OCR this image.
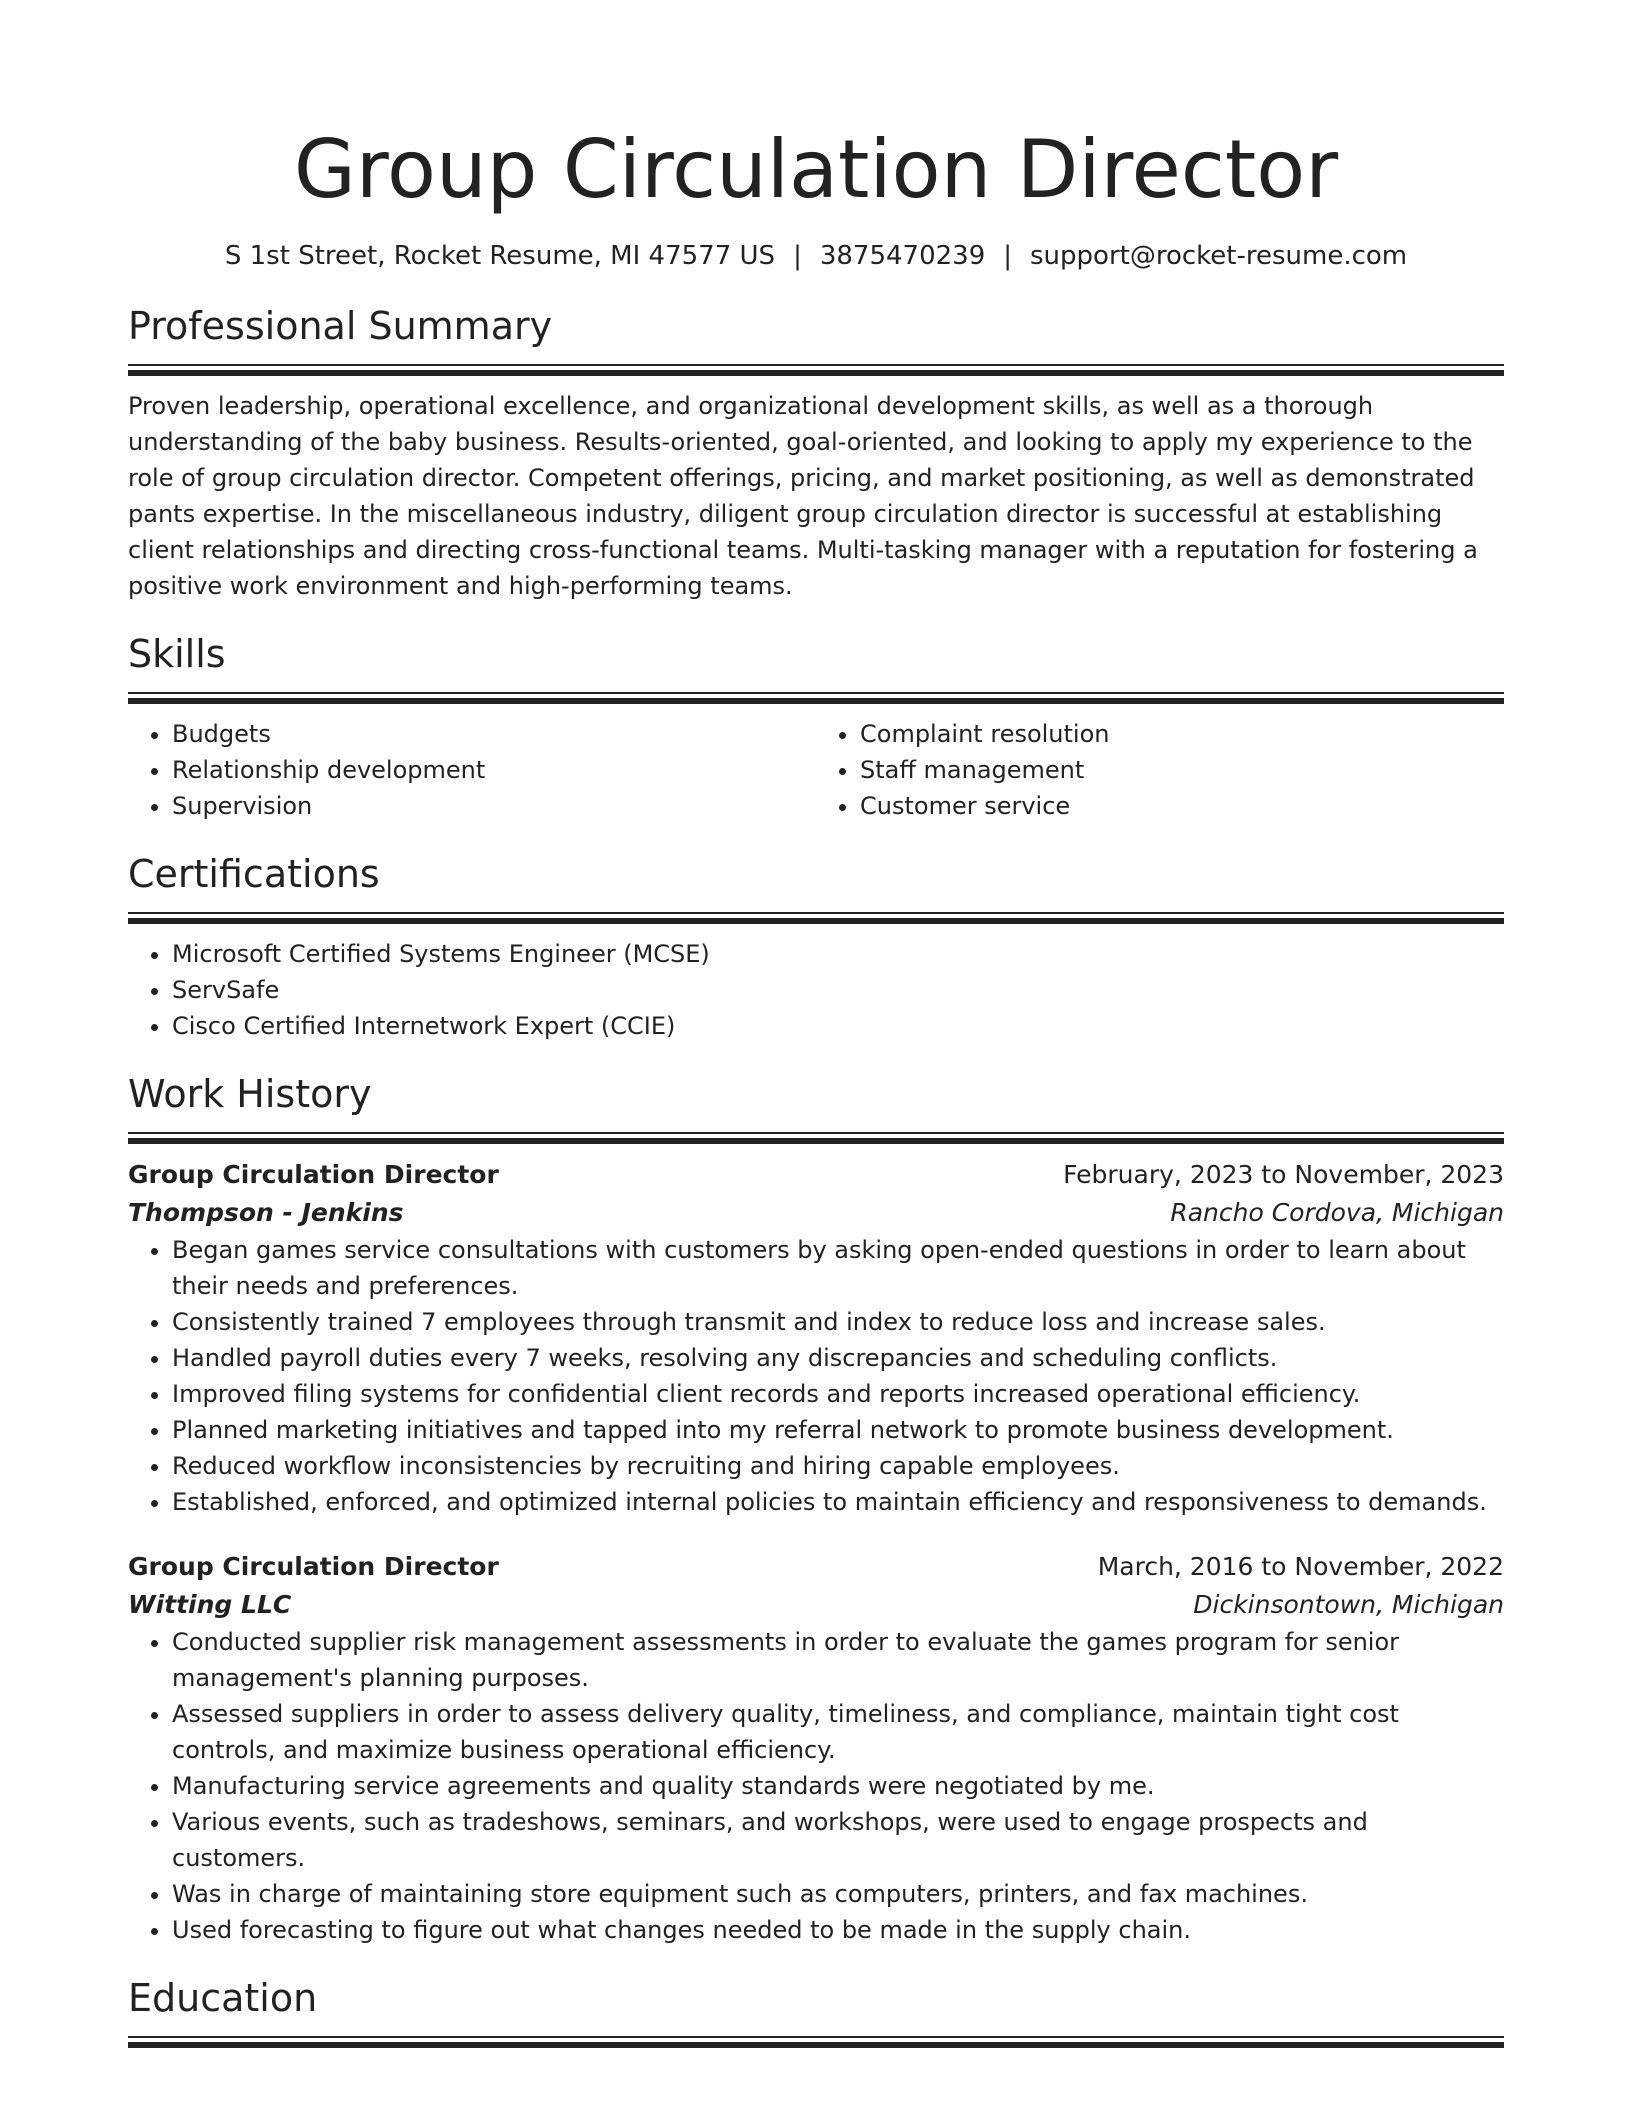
Group Circulation Director
S 1st Street, Rocket Resume, MI 47577 US | 3875470239 | support@rocket-resume.com
Professional Summary

Proven leadership, operational excellence, and organizational development skills, as well as a thorough understanding of the baby business. Results-oriented, goal-oriented, and looking to apply my experience to the role of group circulation director. Competent offerings, pricing, and market positioning, as well as demonstrated pants expertise. In the miscellaneous industry, diligent group circulation director is successful at establishing client relationships and directing cross-functional teams. Multi-tasking manager with a reputation for fostering a positive work environment and high-performing teams.

Skills
• Budgets
• Relationship development
• Supervision
• Complaint resolution
• Staff management
• Customer service
Certifications
• Microsoft Certified Systems Engineer (MCSE)
• ServSafe
• Cisco Certified Internetwork Expert (CCIE)
Work History
Group Circulation Director	February, 2023 to November, 2023
Thompson - Jenkins	Rancho Cordova, Michigan
• Began games service consultations with customers by asking open-ended questions in order to learn about their needs and preferences.
• Consistently trained 7 employees through transmit and index to reduce loss and increase sales.
• Handled payroll duties every 7 weeks, resolving any discrepancies and scheduling conflicts.
• Improved filing systems for confidential client records and reports increased operational efficiency.
• Planned marketing initiatives and tapped into my referral network to promote business development.
• Reduced workflow inconsistencies by recruiting and hiring capable employees.
• Established, enforced, and optimized internal policies to maintain efficiency and responsiveness to demands.
Group Circulation Director	March, 2016 to November, 2022
Witting LLC	Dickinsontown, Michigan
• Conducted supplier risk management assessments in order to evaluate the games program for senior management's planning purposes.
• Assessed suppliers in order to assess delivery quality, timeliness, and compliance, maintain tight cost controls, and maximize business operational efficiency.
• Manufacturing service agreements and quality standards were negotiated by me.
• Various events, such as tradeshows, seminars, and workshops, were used to engage prospects and customers.
• Was in charge of maintaining store equipment such as computers, printers, and fax machines.
• Used forecasting to figure out what changes needed to be made in the supply chain.
Education
